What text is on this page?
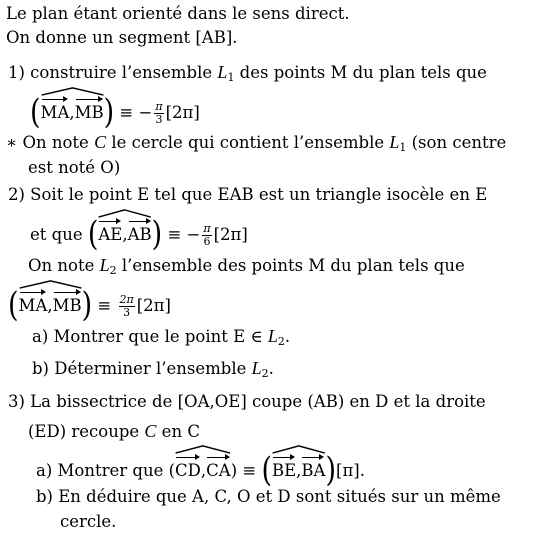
Le plan étant orienté dans le sens direct.
On donne un segment [AB].
1) construire l’ensemble $L_1$ des points M du plan tels que
(
MA,MB) ≡ − $\frac{\pi}{3} [2\pi]$
∗ On note C le cercle qui contient l’ensemble $L_1$ (son centre
est noté O)
2) Soit le point E tel que EAB est un triangle isocèle en E
et que (
AE,AB) ≡ − $\frac{\pi}{6} [2\pi]$
On note $L_2$ l’ensemble des points M du plan tels que
(
$MA,MB) \equiv \frac{2\pi}{3} [2\pi]$
a) Montrer que le point E ∈ $L_2$.
b) Déterminer l’ensemble $L_2$.
3) La bissectrice de [OA,OE] coupe (AB) en D et la droite
(ED) recoupe C en C
a) Montrer que (
CD,CA) ≡ (
BE,BA)[π].
b) En déduire que A, C, O et D sont situés sur un même
cercle.
